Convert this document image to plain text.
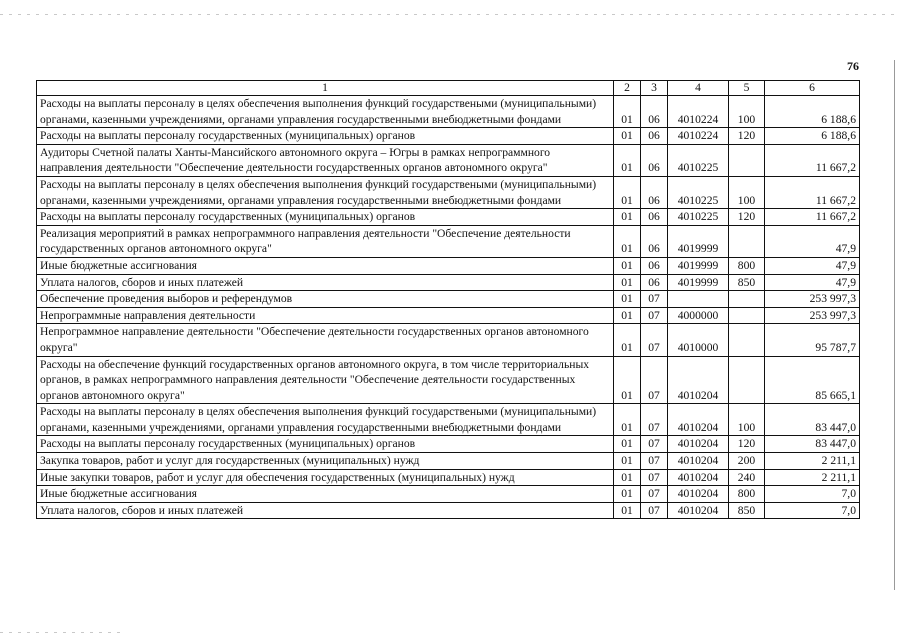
76
1	2	3	4	5	6
Расходы на выплаты персоналу в целях обеспечения выполнения функций государствеными (муниципальными) органами, казенными учреждениями, органами управления государственными внебюджетными фондами	01	06	4010224	100	6 188,6
Расходы на выплаты персоналу государственных (муниципальных) органов	01	06	4010224	120	6 188,6
Аудиторы Счетной палаты Ханты-Мансийского автономного округа – Югры в рамках непрограммного направления деятельности "Обеспечение деятельности государственных органов автономного округа"	01	06	4010225		11 667,2
Расходы на выплаты персоналу в целях обеспечения выполнения функций государствеными (муниципальными) органами, казенными учреждениями, органами управления государственными внебюджетными фондами	01	06	4010225	100	11 667,2
Расходы на выплаты персоналу государственных (муниципальных) органов	01	06	4010225	120	11 667,2
Реализация мероприятий в рамках непрограммного направления деятельности "Обеспечение деятельности государственных органов автономного округа"	01	06	4019999		47,9
Иные бюджетные ассигнования	01	06	4019999	800	47,9
Уплата налогов, сборов и иных платежей	01	06	4019999	850	47,9
Обеспечение проведения выборов и референдумов	01	07			253 997,3
Непрограммные направления деятельности	01	07	4000000		253 997,3
Непрограммное направление деятельности "Обеспечение деятельности государственных органов автономного округа"	01	07	4010000		95 787,7
Расходы на обеспечение функций государственных органов автономного округа, в том числе территориальных органов, в рамках непрограммного направления деятельности "Обеспечение деятельности государственных органов автономного округа"	01	07	4010204		85 665,1
Расходы на выплаты персоналу в целях обеспечения выполнения функций государствеными (муниципальными) органами, казенными учреждениями, органами управления государственными внебюджетными фондами	01	07	4010204	100	83 447,0
Расходы на выплаты персоналу государственных (муниципальных) органов	01	07	4010204	120	83 447,0
Закупка товаров, работ и услуг для государственных (муниципальных) нужд	01	07	4010204	200	2 211,1
Иные закупки товаров, работ и услуг для обеспечения государственных (муниципальных) нужд	01	07	4010204	240	2 211,1
Иные бюджетные ассигнования	01	07	4010204	800	7,0
Уплата налогов, сборов и иных платежей	01	07	4010204	850	7,0
